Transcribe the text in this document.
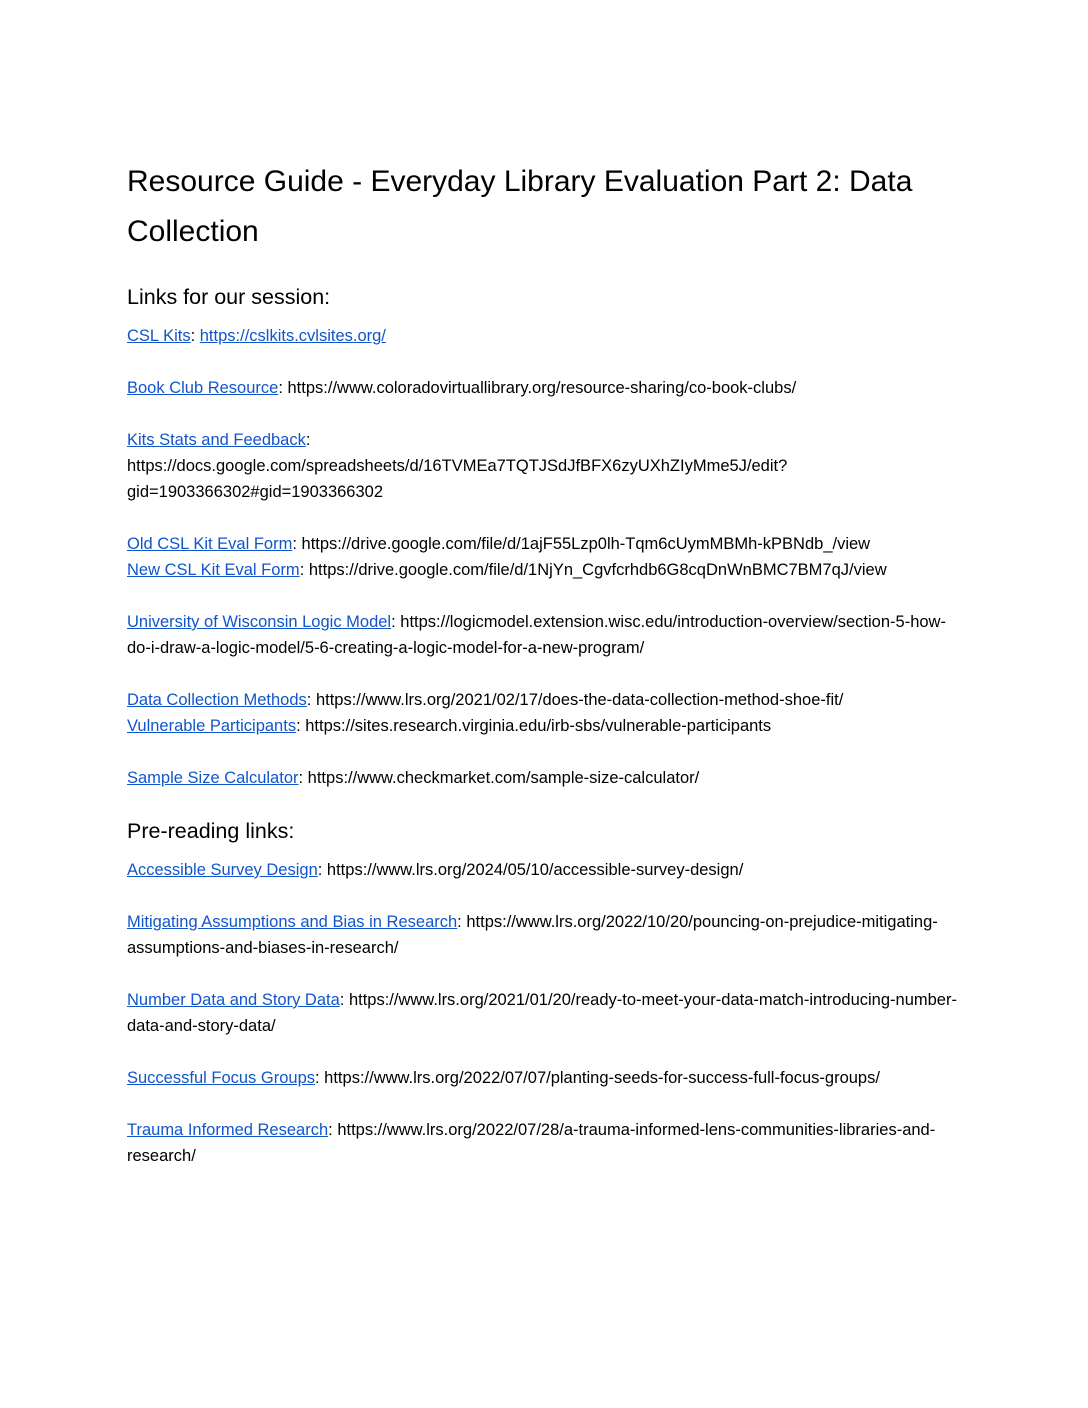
Resource Guide - Everyday Library Evaluation Part 2: Data Collection
Links for our session:
CSL Kits: https://cslkits.cvlsites.org/
Book Club Resource: https://www.coloradovirtuallibrary.org/resource-sharing/co-book-clubs/
Kits Stats and Feedback: https://docs.google.com/spreadsheets/d/16TVMEa7TQTJSdJfBFX6zyUXhZIyMme5J/edit?gid=1903366302#gid=1903366302
Old CSL Kit Eval Form: https://drive.google.com/file/d/1ajF55Lzp0lh-Tqm6cUymMBMh-kPBNdb_/view
New CSL Kit Eval Form: https://drive.google.com/file/d/1NjYn_Cgvfcrhdb6G8cqDnWnBMC7BM7qJ/view
University of Wisconsin Logic Model: https://logicmodel.extension.wisc.edu/introduction-overview/section-5-how-do-i-draw-a-logic-model/5-6-creating-a-logic-model-for-a-new-program/
Data Collection Methods: https://www.lrs.org/2021/02/17/does-the-data-collection-method-shoe-fit/
Vulnerable Participants: https://sites.research.virginia.edu/irb-sbs/vulnerable-participants
Sample Size Calculator: https://www.checkmarket.com/sample-size-calculator/
Pre-reading links:
Accessible Survey Design: https://www.lrs.org/2024/05/10/accessible-survey-design/
Mitigating Assumptions and Bias in Research: https://www.lrs.org/2022/10/20/pouncing-on-prejudice-mitigating-assumptions-and-biases-in-research/
Number Data and Story Data: https://www.lrs.org/2021/01/20/ready-to-meet-your-data-match-introducing-number-data-and-story-data/
Successful Focus Groups: https://www.lrs.org/2022/07/07/planting-seeds-for-success-full-focus-groups/
Trauma Informed Research: https://www.lrs.org/2022/07/28/a-trauma-informed-lens-communities-libraries-and-research/
